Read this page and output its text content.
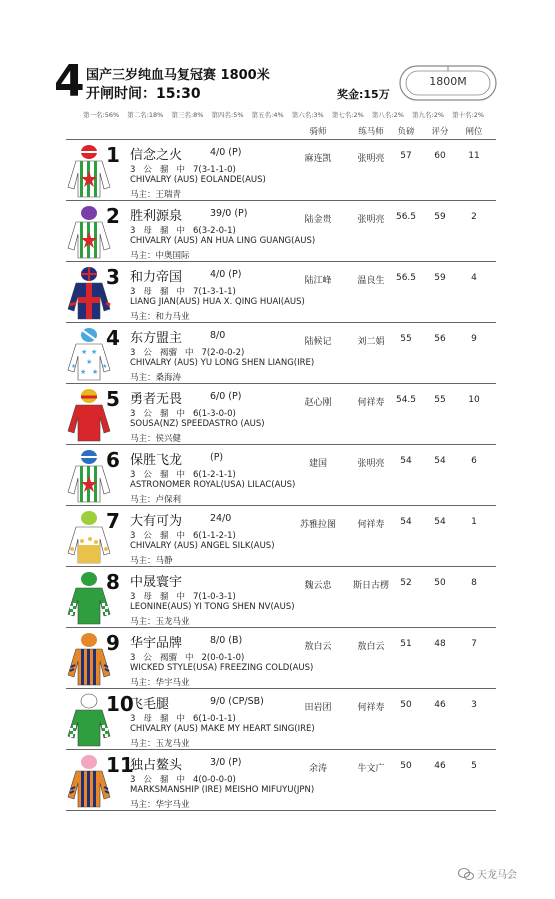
4 国产三岁纯血马复冠赛 1800米
开闸时间：15:30	奖金:15万
1800M
第一名:56% 第二名:18% 第三名:8% 第四名:5% 第五名:4% 第六名:3% 第七名:2% 第八名:2% 第九名:2% 第十名:2%
骑师	练马师	负磅	评分	闸位
1 信念之火	4/0 (P)
3 公 骝 中 7(3-1-1-0)
CHIVALRY (AUS) EOLANDE(AUS)
马主：王瑞青
麻连凯	张明亮	57	60	11
2 胜利源泉	39/0 (P)
3 母 骝 中 6(3-2-0-1)
CHIVALRY (AUS) AN HUA LING GUANG(AUS)
马主：中奥国际
陆金贵	张明亮	56.5	59	2
3 和力帝国	4/0 (P)
3 母 骝 中 7(1-3-1-1)
LIANG JIAN(AUS) HUA X. QING HUAI(AUS)
马主：和力马业
陆江峰	温良生	56.5	59	4
★ ★
★
★ ★
★	★
4 东方盟主	8/0
3 公 褐骝 中 7(2-0-0-2)
CHIVALRY (AUS) YU LONG SHEN LIANG(IRE)
马主：桑海涛
陆候记	刘二娟	55	56	9
5 勇者无畏	6/0 (P)
3 公 骝 中 6(1-3-0-0)
SOUSA(NZ) SPEEDASTRO (AUS)
马主：侯兴健
赵心刚	何祥寿	54.5	55	10
6 保胜飞龙	(P)
3 公 骝 中 6(1-2-1-1)
ASTRONOMER ROYAL(USA) LILAC(AUS)
马主：卢保利
建国	张明亮	54	54	6
7 大有可为	24/0
3 公 骝 中 6(1-1-2-1)
CHIVALRY (AUS) ANGEL SILK(AUS)
马主：马静
苏雅拉图	何祥寿	54	54	1
8 中晟寰宇
3 母 骝 中 7(1-0-3-1)
LEONINE(AUS) YI TONG SHEN NV(AUS)
马主：玉龙马业
魏云忠	斯日古楞	52	50	8
9 华宇品牌	8/0 (B)
3 公 褐骝 中 2(0-0-1-0)
WICKED STYLE(USA) FREEZING COLD(AUS)
马主：华宇马业
敖白云	敖白云	51	48	7
10
飞毛腿	9/0 (CP/SB)
3 母 骝 中 6(1-0-1-1)
CHIVALRY (AUS) MAKE MY HEART SING(IRE)
马主：玉龙马业
田岩团	何祥寿	50	46	3
11
独占鳌头	3/0 (P)
3 公 骝 中 4(0-0-0-0)
MARKSMANSHIP (IRE) MEISHO MIFUYU(JPN)
马主：华宇马业
余涛	牛文广	50	46	5
天龙马会
